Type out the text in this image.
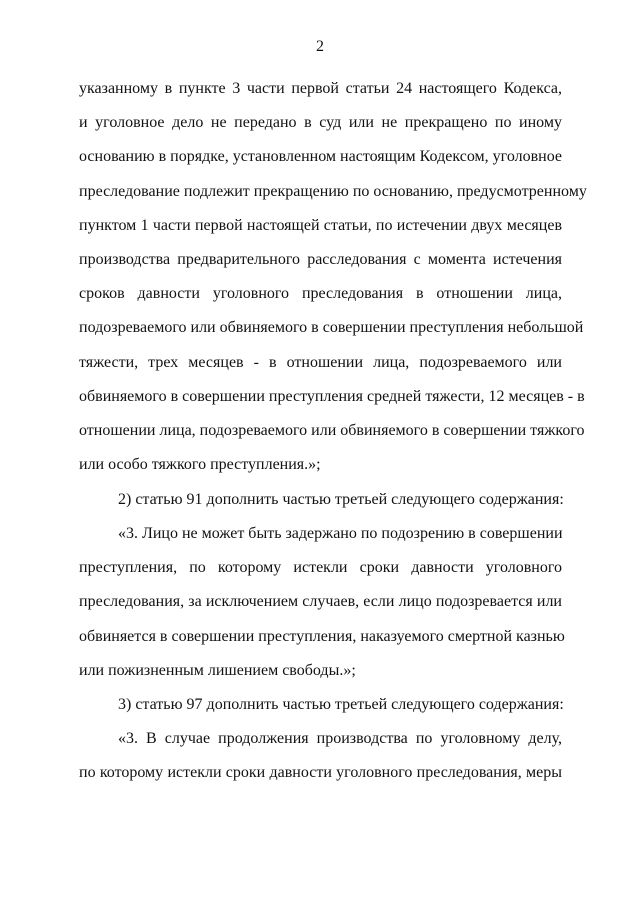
2
указанному в пункте 3 части первой статьи 24 настоящего Кодекса,
и уголовное дело не передано в суд или не прекращено по иному
основанию в порядке, установленном настоящим Кодексом, уголовное
преследование подлежит прекращению по основанию, предусмотренному
пунктом 1 части первой настоящей статьи, по истечении двух месяцев
производства предварительного расследования с момента истечения
сроков давности уголовного преследования в отношении лица,
подозреваемого или обвиняемого в совершении преступления небольшой
тяжести, трех месяцев - в отношении лица, подозреваемого или
обвиняемого в совершении преступления средней тяжести, 12 месяцев - в
отношении лица, подозреваемого или обвиняемого в совершении тяжкого
или особо тяжкого преступления.»;
2) статью 91 дополнить частью третьей следующего содержания:
«3. Лицо не может быть задержано по подозрению в совершении
преступления, по которому истекли сроки давности уголовного
преследования, за исключением случаев, если лицо подозревается или
обвиняется в совершении преступления, наказуемого смертной казнью
или пожизненным лишением свободы.»;
3) статью 97 дополнить частью третьей следующего содержания:
«3. В случае продолжения производства по уголовному делу,
по которому истекли сроки давности уголовного преследования, меры
